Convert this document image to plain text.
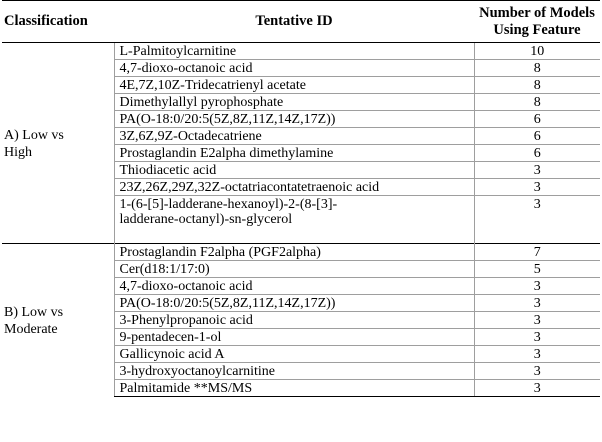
Classification	Tentative ID	Number of Models
Using Feature
A) Low vs
High	L-Palmitoylcarnitine	10
	4,7-dioxo-octanoic acid	8
	4E,7Z,10Z-Tridecatrienyl acetate	8
	Dimethylallyl pyrophosphate	8
	PA(O-18:0/20:5(5Z,8Z,11Z,14Z,17Z))	6
	3Z,6Z,9Z-Octadecatriene	6
	Prostaglandin E2alpha dimethylamine	6
	Thiodiacetic acid	3
	23Z,26Z,29Z,32Z-octatriacontatetraenoic acid	3
	1-(6-[5]-ladderane-hexanoyl)-2-(8-[3]-
ladderane-octanyl)-sn-glycerol	3
B) Low vs
Moderate	Prostaglandin F2alpha (PGF2alpha)	7
	Cer(d18:1/17:0)	5
	4,7-dioxo-octanoic acid	3
	PA(O-18:0/20:5(5Z,8Z,11Z,14Z,17Z))	3
	3-Phenylpropanoic acid	3
	9-pentadecen-1-ol	3
	Gallicynoic acid A	3
	3-hydroxyoctanoylcarnitine	3
	Palmitamide **MS/MS	3
